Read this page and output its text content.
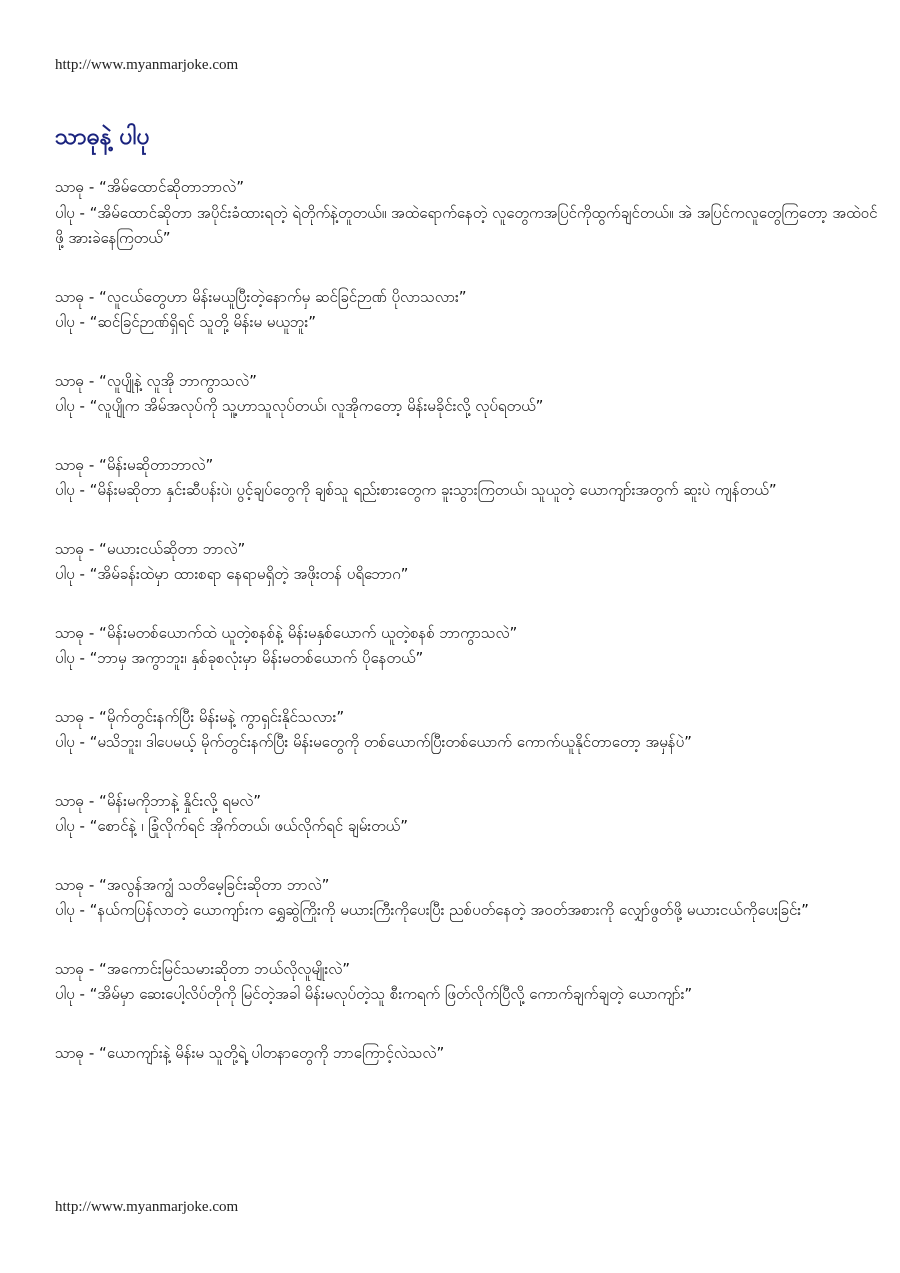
http://www.myanmarjoke.com
သာဓုနဲ့ ပါပု
သာဓု - “အိမ်ထောင်ဆိုတာဘာလဲ”
ပါပု - “အိမ်ထောင်ဆိုတာ အပိုင်းခံထားရတဲ့ ရဲတိုက်နဲ့တူတယ်။ အထဲရောက်နေတဲ့ လူတွေကအပြင်ကိုထွက်ချင်တယ်။ အဲ အပြင်ကလူတွေကြတော့ အထဲဝင်ဖို့ အားခဲနေကြတယ်”
သာဓု - “လူငယ်တွေဟာ မိန်းမယူပြီးတဲ့နောက်မှ ဆင်ခြင်ဉာဏ် ပိုလာသလား”
ပါပု - “ဆင်ခြင်ဉာဏ်ရှိရင် သူတို့ မိန်းမ မယူဘူး”
သာဓု - “လူပျိုနဲ့ လူအို ဘာကွာသလဲ”
ပါပု - “လူပျိုက အိမ်အလုပ်ကို သူ့ဟာသူလုပ်တယ်၊ လူအိုကတော့ မိန်းမခိုင်းလို့ လုပ်ရတယ်”
သာဓု - “မိန်းမဆိုတာဘာလဲ”
ပါပု - “မိန်းမဆိုတာ နှင်းဆီပန်းပဲ၊ ပွင့်ချပ်တွေကို ချစ်သူ ရည်းစားတွေက ခူးသွားကြတယ်၊ သူယူတဲ့ ယောကျာ်းအတွက် ဆူးပဲ ကျန်တယ်”
သာဓု - “မယားငယ်ဆိုတာ ဘာလဲ”
ပါပု - “အိမ်ခန်းထဲမှာ ထားစရာ နေရာမရှိတဲ့ အဖိုးတန် ပရိဘောဂ”
သာဓု - “မိန်းမတစ်ယောက်ထဲ ယူတဲ့စနစ်နဲ့ မိန်းမနှစ်ယောက် ယူတဲ့စနစ် ဘာကွာသလဲ”
ပါပု - “ဘာမှ အကွာဘူး၊ နှစ်ခုစလုံးမှာ မိန်းမတစ်ယောက် ပိုနေတယ်”
သာဓု - “မိုက်တွင်းနက်ပြီး မိန်းမနဲ့ ကွာရှင်းနိုင်သလား”
ပါပု - “မသိဘူး၊ ဒါပေမယ့် မိုက်တွင်းနက်ပြီး မိန်းမတွေကို တစ်ယောက်ပြီးတစ်ယောက် ကောက်ယူနိုင်တာတော့ အမှန်ပဲ”
သာဓု - “မိန်းမကိုဘာနဲ့ နှိုင်းလို့ ရမလဲ”
ပါပု - “စောင်နဲ့ ၊ ခြုံလိုက်ရင် အိုက်တယ်၊ ဖယ်လိုက်ရင် ချမ်းတယ်”
သာဓု - “အလွန်အကျွံ သတိမေ့ခြင်းဆိုတာ ဘာလဲ”
ပါပု - “နယ်ကပြန်လာတဲ့ ယောကျာ်းက ရွှေဆွဲကြိုးကို မယားကြီးကိုပေးပြီး ညစ်ပတ်နေတဲ့ အဝတ်အစားကို လျှော်ဖွတ်ဖို့ မယားငယ်ကိုပေးခြင်း”
သာဓု - “အကောင်းမြင်သမားဆိုတာ ဘယ်လိုလူမျိုးလဲ”
ပါပု - “အိမ်မှာ ဆေးပေါ့လိပ်တိုကို မြင်တဲ့အခါ မိန်းမလုပ်တဲ့သူ စီးကရက် ဖြတ်လိုက်ပြီလို့ ကောက်ချက်ချတဲ့ ယောကျာ်း”
သာဓု - “ယောကျာ်းနဲ့ မိန်းမ သူတို့ရဲ့ ပါတနာတွေကို ဘာကြောင့်လဲသလဲ”
http://www.myanmarjoke.com
